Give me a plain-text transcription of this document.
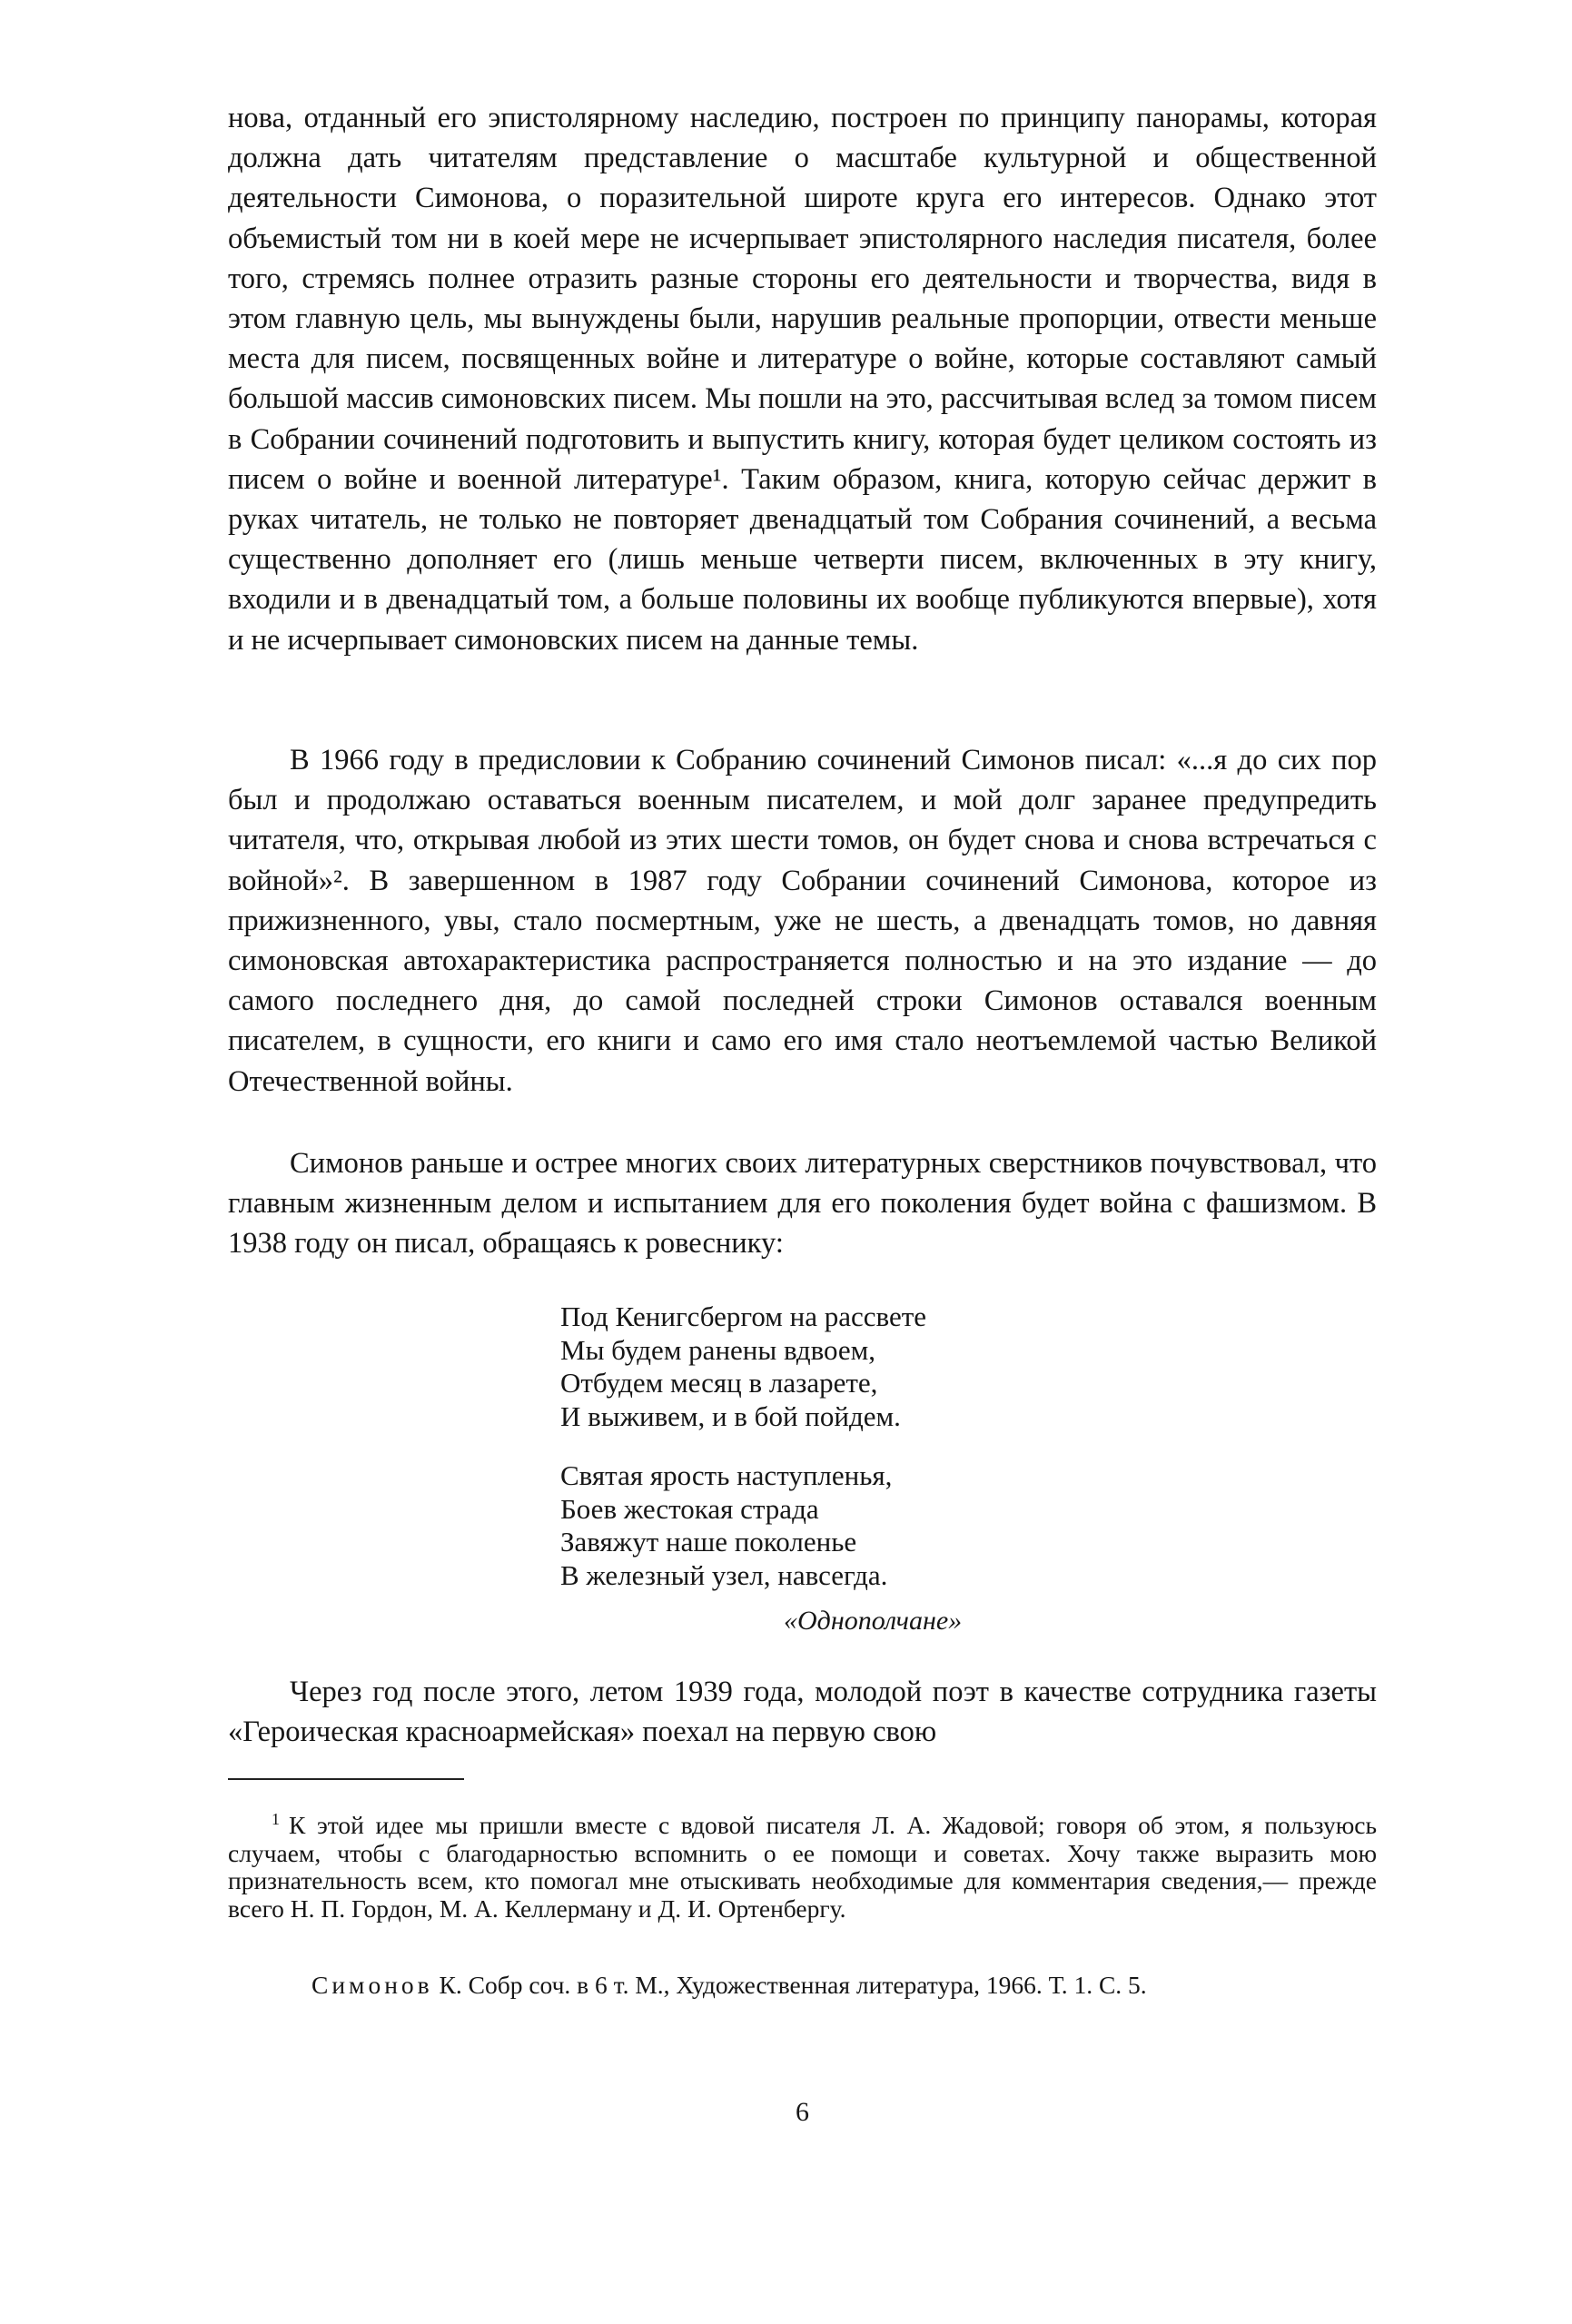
нова, отданный его эпистолярному наследию, построен по принципу панорамы, которая должна дать читателям представление о масштабе культурной и общественной деятельности Симонова, о поразительной широте круга его интересов. Однако этот объемистый том ни в коей мере не исчерпывает эпистолярного наследия писателя, более того, стремясь полнее отразить разные стороны его деятельности и творчества, видя в этом главную цель, мы вынуждены были, нарушив реальные пропорции, отвести меньше места для писем, посвященных войне и литературе о войне, которые составляют самый большой массив симоновских писем. Мы пошли на это, рассчитывая вслед за томом писем в Собрании сочинений подготовить и выпустить книгу, которая будет целиком состоять из писем о войне и военной литературе¹. Таким образом, книга, которую сейчас держит в руках читатель, не только не повторяет двенадцатый том Собрания сочинений, а весьма существенно дополняет его (лишь меньше четверти писем, включенных в эту книгу, входили и в двенадцатый том, а больше половины их вообще публикуются впервые), хотя и не исчерпывает симоновских писем на данные темы.

В 1966 году в предисловии к Собранию сочинений Симонов писал: «...я до сих пор был и продолжаю оставаться военным писателем, и мой долг заранее предупредить читателя, что, открывая любой из этих шести томов, он будет снова и снова встречаться с войной»². В завершенном в 1987 году Собрании сочинений Симонова, которое из прижизненного, увы, стало посмертным, уже не шесть, а двенадцать томов, но давняя симоновская автохарактеристика распространяется полностью и на это издание — до самого последнего дня, до самой последней строки Симонов оставался военным писателем, в сущности, его книги и само его имя стало неотъемлемой частью Великой Отечественной войны.

Симонов раньше и острее многих своих литературных сверстников почувствовал, что главным жизненным делом и испытанием для его поколения будет война с фашизмом. В 1938 году он писал, обращаясь к ровеснику:

Под Кенигсбергом на рассвете
Мы будем ранены вдвоем,
Отбудем месяц в лазарете,
И выживем, и в бой пойдем.

Святая ярость наступленья,
Боев жестокая страда
Завяжут наше поколенье
В железный узел, навсегда.

«Однополчане»

Через год после этого, летом 1939 года, молодой поэт в качестве сотрудника газеты «Героическая красноармейская» поехал на первую свою

$^1$ К этой идее мы пришли вместе с вдовой писателя Л. А. Жадовой; говоря об этом, я пользуюсь случаем, чтобы с благодарностью вспомнить о ее помощи и советах. Хочу также выразить мою признательность всем, кто помогал мне отыскивать необходимые для комментария сведения,— прежде всего Н. П. Гордон, М. А. Келлерману и Д. И. Ортенбергу.

Симонов К. Собр соч. в 6 т. М., Художественная литература, 1966. Т. 1. С. 5.

6
